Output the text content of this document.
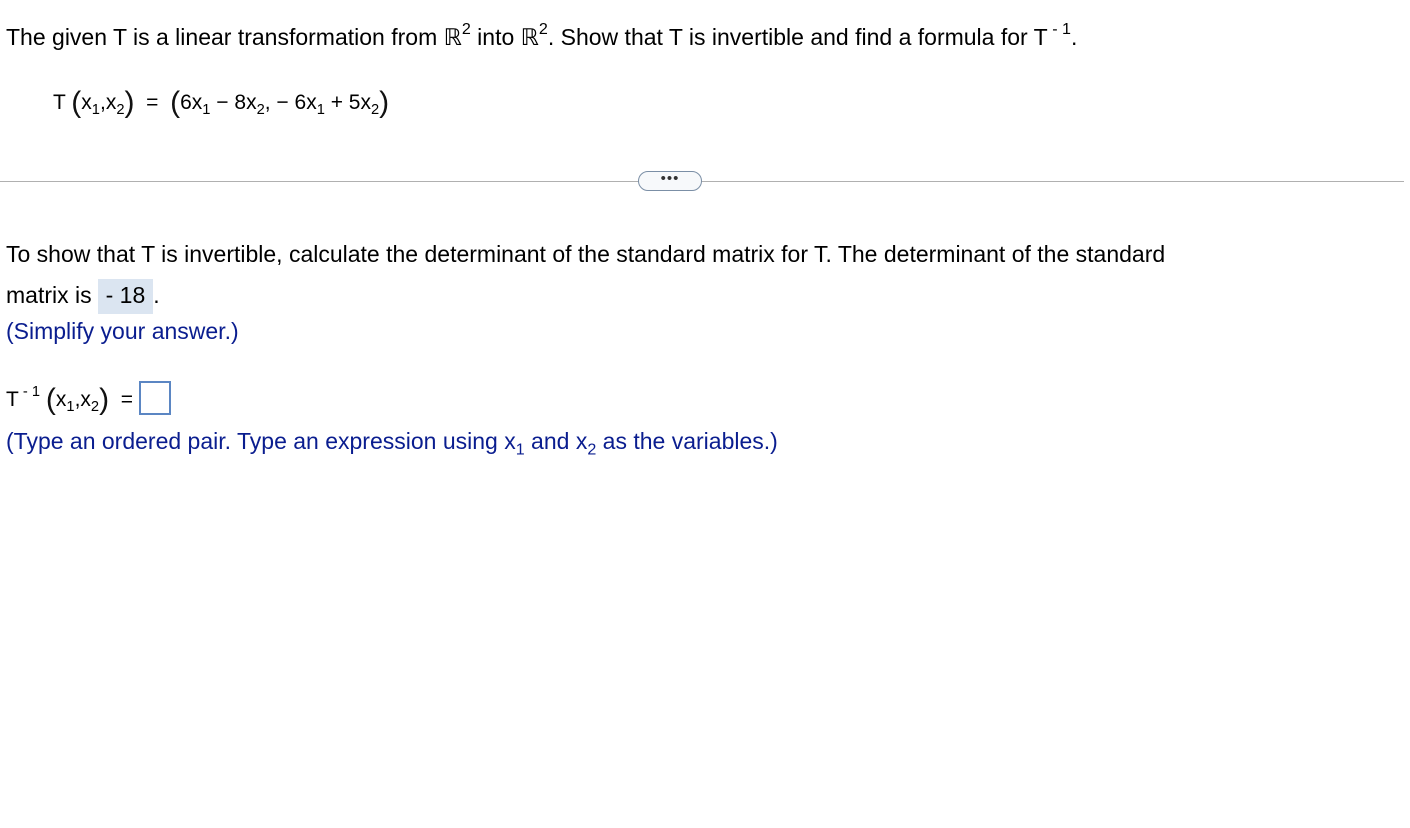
The given T is a linear transformation from ℝ$^2$ into ℝ$^2$. Show that T is invertible and find a formula for T $^{- 1}$.
T $(x_1,x_2) = (6x_1 - 8x_2$, − $6x_1 + 5x_2$)
•••
To show that T is invertible, calculate the determinant of the standard matrix for T. The determinant of the standard
matrix is - 18 .
(Simplify your answer.)
T $^{- 1}$ $(x_1,x_2)$ =
(Type an ordered pair. Type an expression using $x_1$ and $x_2$ as the variables.)
